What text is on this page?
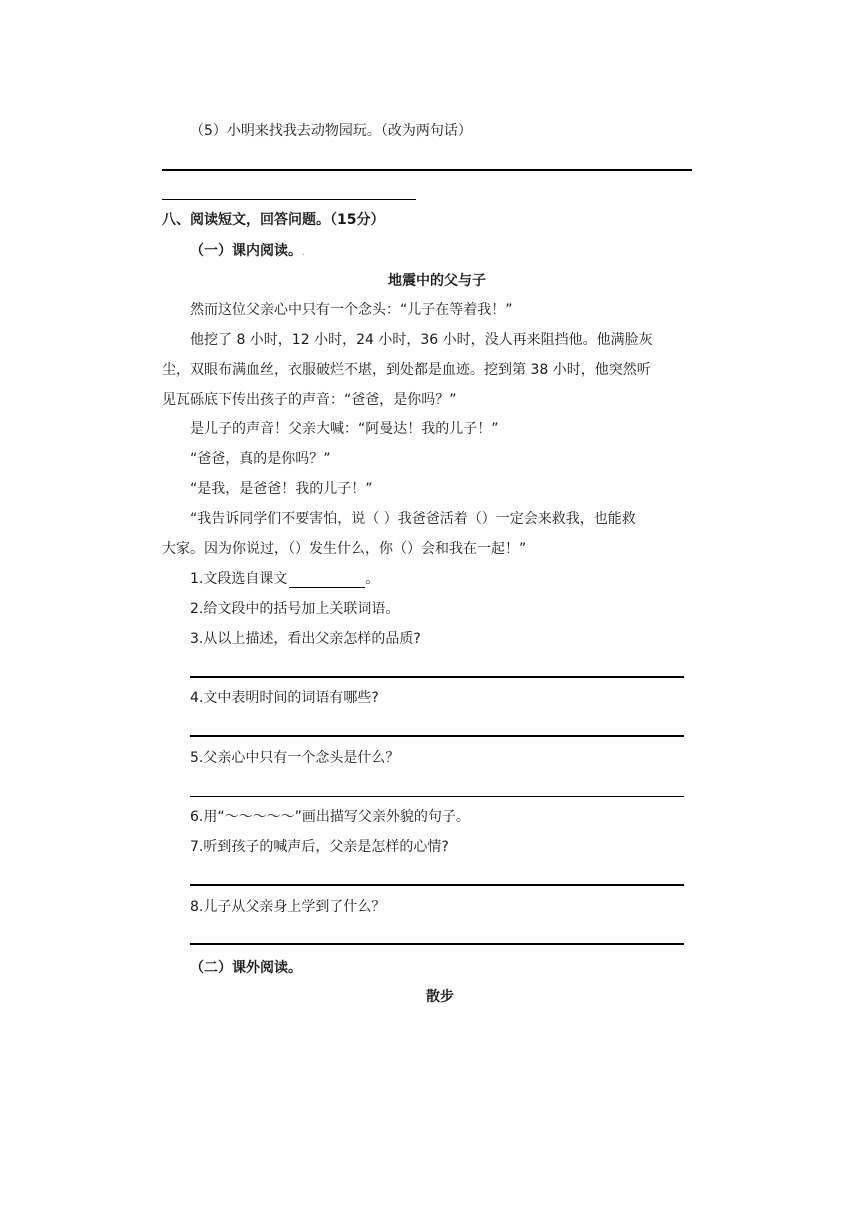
（5）小明来找我去动物园玩。（改为两句话）
八、阅读短文，回答问题。（15分）
（一）课内阅读。.
地震中的父与子
然而这位父亲心中只有一个念头：“儿子在等着我！”
他挖了 8 小时，12 小时，24 小时，36 小时，没人再来阻挡他。他满脸灰
尘，双眼布满血丝，衣服破烂不堪，到处都是血迹。挖到第 38 小时，他突然听
见瓦砾底下传出孩子的声音：“爸爸，是你吗？”
是儿子的声音！父亲大喊：“阿曼达！我的儿子！”
“爸爸，真的是你吗？”
“是我，是爸爸！我的儿子！”
“我告诉同学们不要害怕，说（ ）我爸爸活着（）一定会来救我，也能救
大家。因为你说过，（）发生什么，你（）会和我在一起！”
1.文段选自课文	。
2.给文段中的括号加上关联词语。
3.从以上描述，看出父亲怎样的品质?
4.文中表明时间的词语有哪些?
5.父亲心中只有一个念头是什么？
6.用“～～～～～”画出描写父亲外貌的句子。
7.听到孩子的喊声后，父亲是怎样的心情?
8.儿子从父亲身上学到了什么？
（二）课外阅读。
散步
